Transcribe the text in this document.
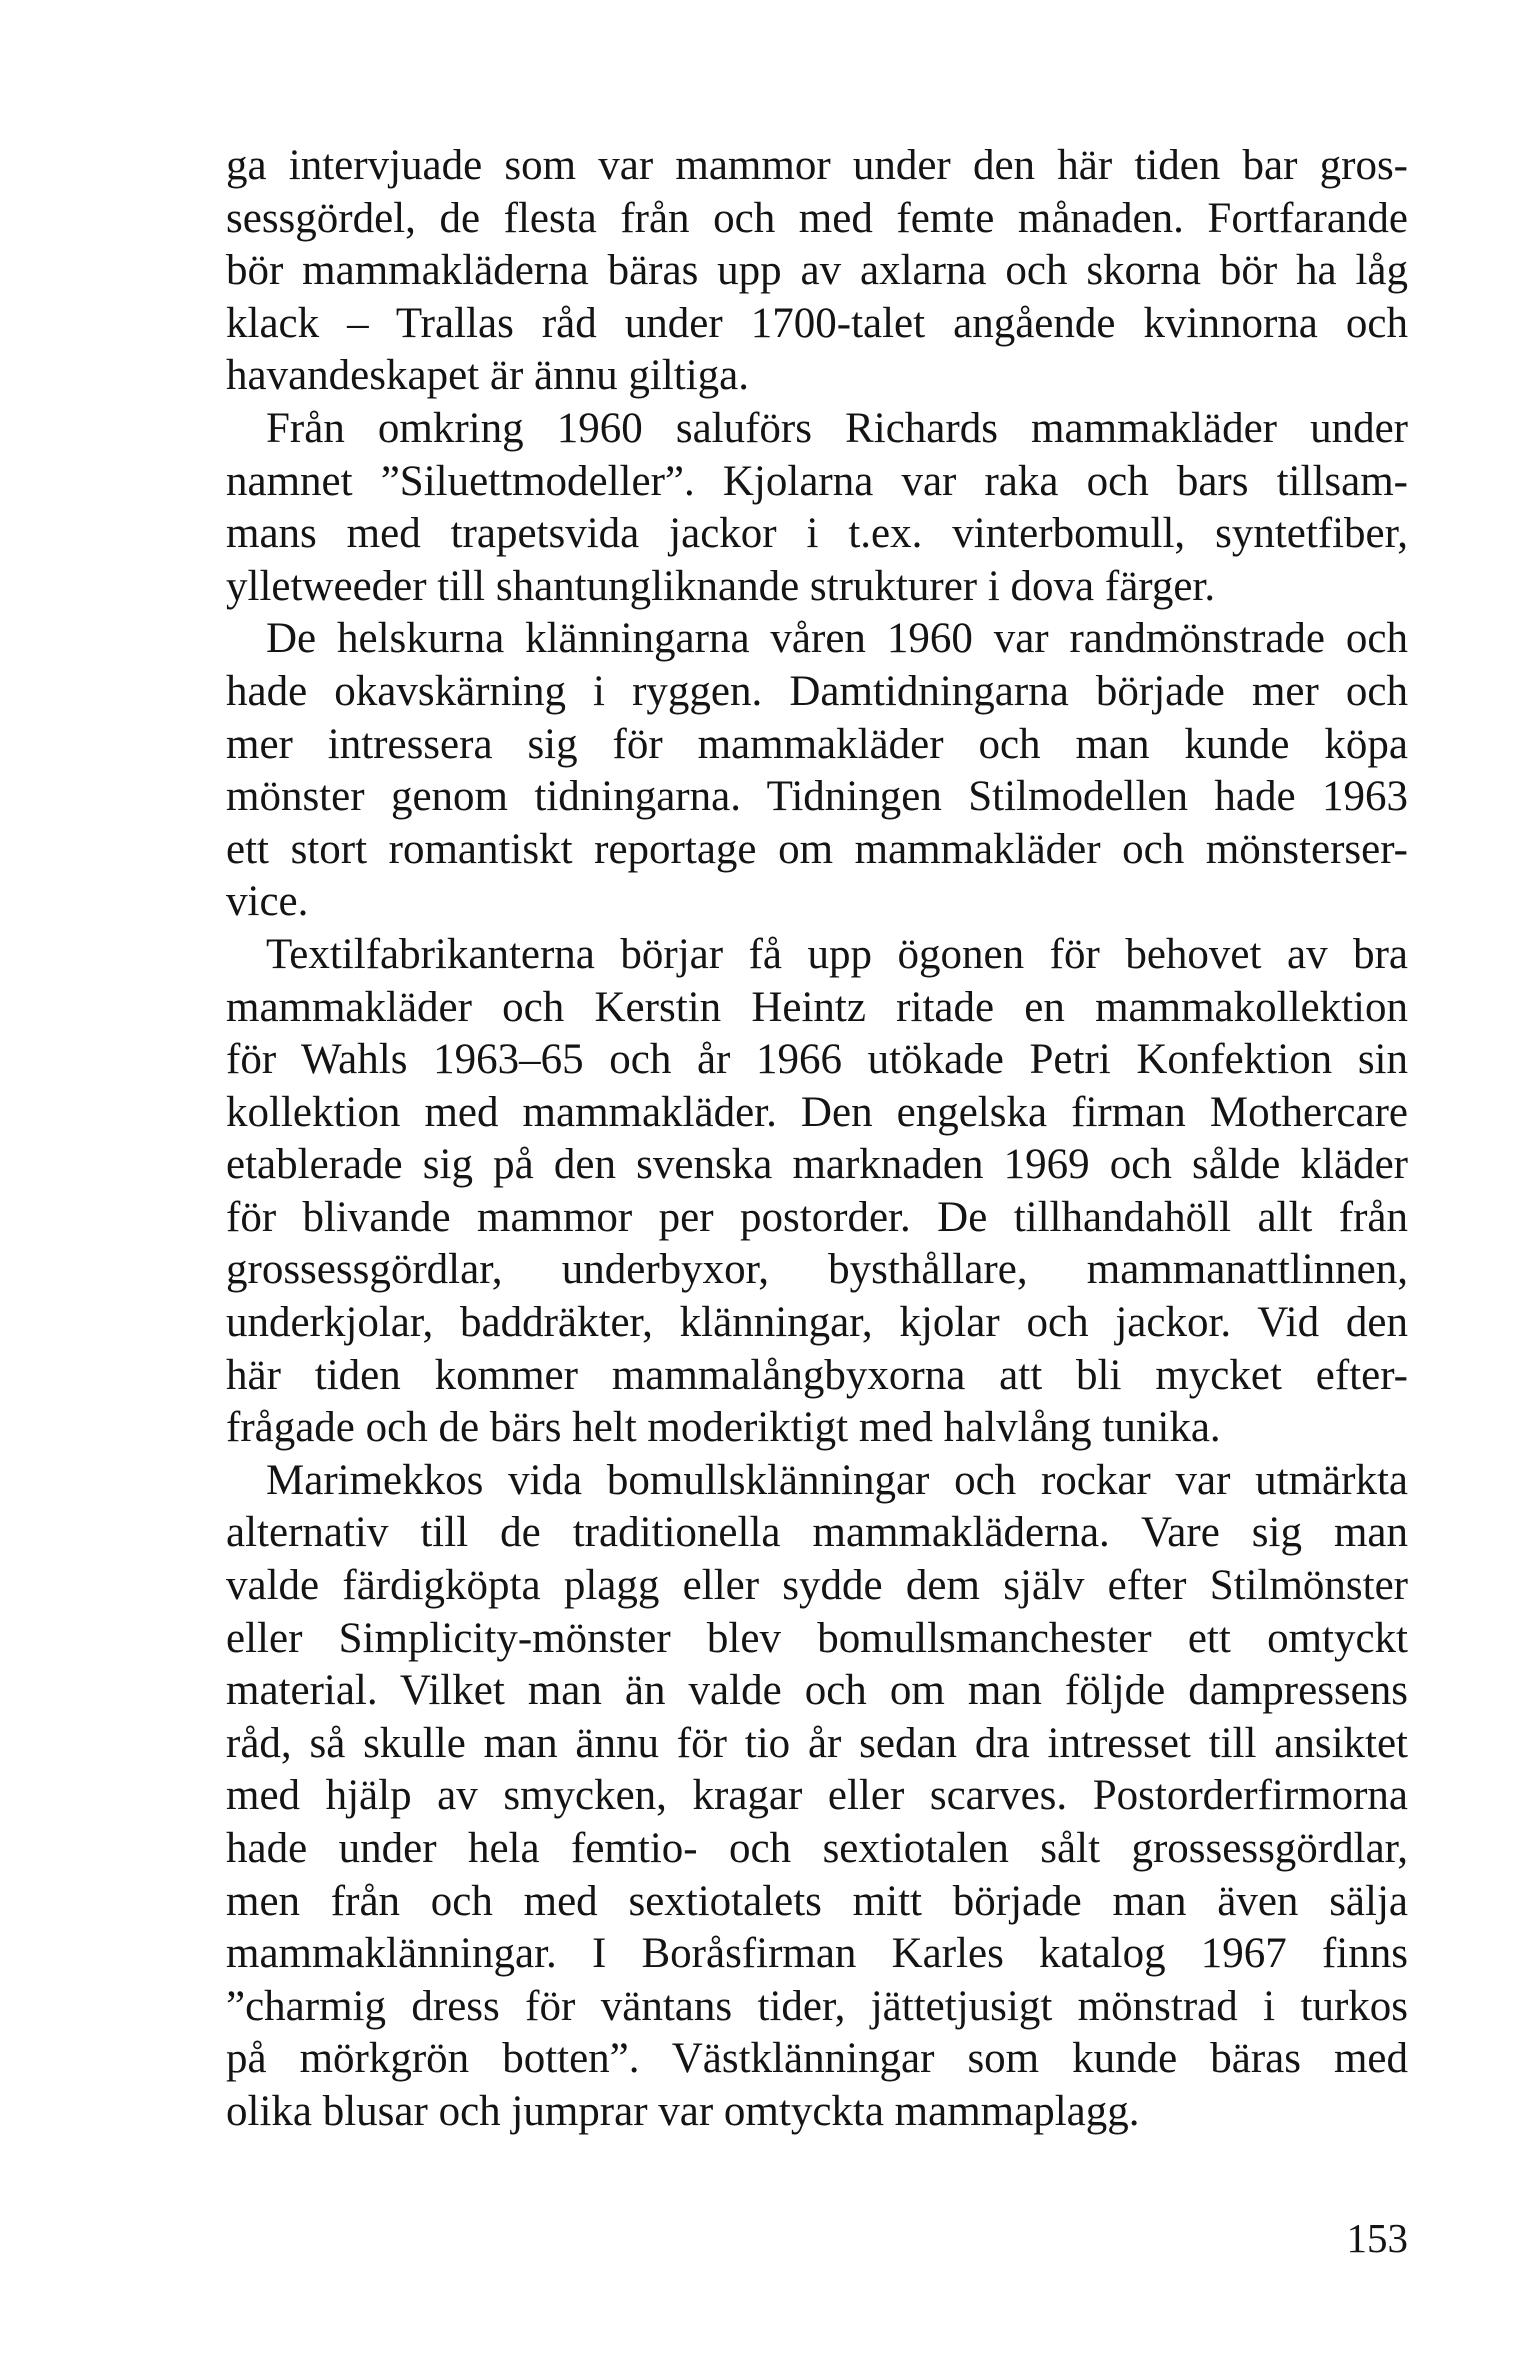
ga intervjuade som var mammor under den här tiden bar gros-
sessgördel, de flesta från och med femte månaden. Fortfarande
bör mammakläderna bäras upp av axlarna och skorna bör ha låg
klack – Trallas råd under 1700-talet angående kvinnorna och
havandeskapet är ännu giltiga.
Från omkring 1960 saluförs Richards mammakläder under
namnet ”Siluettmodeller”. Kjolarna var raka och bars tillsam-
mans med trapetsvida jackor i t.ex. vinterbomull, syntetfiber,
ylletweeder till shantungliknande strukturer i dova färger.
De helskurna klänningarna våren 1960 var randmönstrade och
hade okavskärning i ryggen. Damtidningarna började mer och
mer intressera sig för mammakläder och man kunde köpa
mönster genom tidningarna. Tidningen Stilmodellen hade 1963
ett stort romantiskt reportage om mammakläder och mönsterser-
vice.
Textilfabrikanterna börjar få upp ögonen för behovet av bra
mammakläder och Kerstin Heintz ritade en mammakollektion
för Wahls 1963–65 och år 1966 utökade Petri Konfektion sin
kollektion med mammakläder. Den engelska firman Mothercare
etablerade sig på den svenska marknaden 1969 och sålde kläder
för blivande mammor per postorder. De tillhandahöll allt från
grossessgördlar, underbyxor, bysthållare, mammanattlinnen,
underkjolar, baddräkter, klänningar, kjolar och jackor. Vid den
här tiden kommer mammalångbyxorna att bli mycket efter-
frågade och de bärs helt moderiktigt med halvlång tunika.
Marimekkos vida bomullsklänningar och rockar var utmärkta
alternativ till de traditionella mammakläderna. Vare sig man
valde färdigköpta plagg eller sydde dem själv efter Stilmönster
eller Simplicity-mönster blev bomullsmanchester ett omtyckt
material. Vilket man än valde och om man följde dampressens
råd, så skulle man ännu för tio år sedan dra intresset till ansiktet
med hjälp av smycken, kragar eller scarves. Postorderfirmorna
hade under hela femtio- och sextiotalen sålt grossessgördlar,
men från och med sextiotalets mitt började man även sälja
mammaklänningar. I Boråsfirman Karles katalog 1967 finns
”charmig dress för väntans tider, jättetjusigt mönstrad i turkos
på mörkgrön botten”. Västklänningar som kunde bäras med
olika blusar och jumprar var omtyckta mammaplagg.
153
